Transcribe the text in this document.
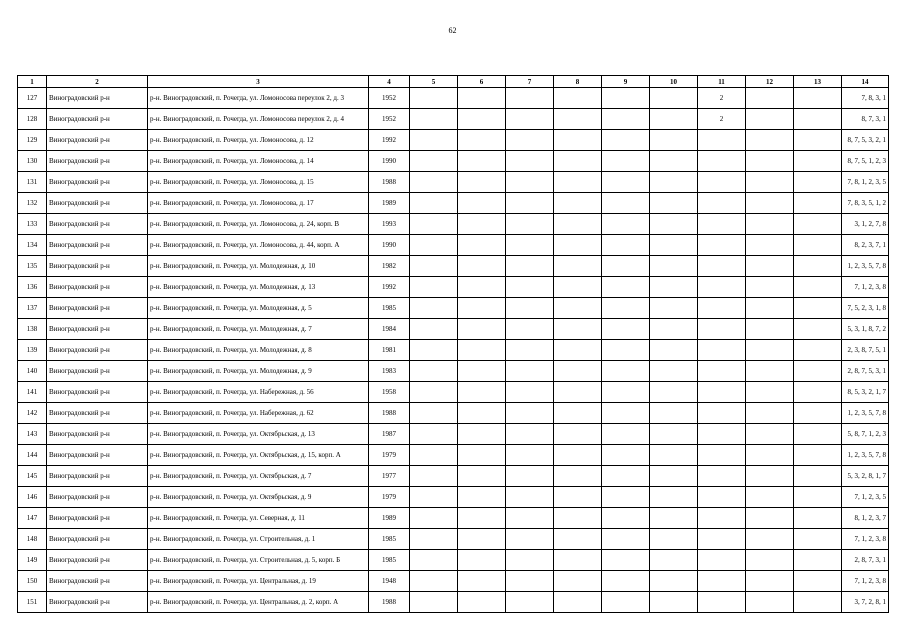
62
1	2	3	4	5	6	7	8	9	10	11	12	13	14
127	Виноградовский р-н	р-н. Виноградовский, п. Рочегда, ул. Ломоносова переулок 2, д. 3	1952							2			7, 8, 3, 1
128	Виноградовский р-н	р-н. Виноградовский, п. Рочегда, ул. Ломоносова переулок 2, д. 4	1952							2			8, 7, 3, 1
129	Виноградовский р-н	р-н. Виноградовский, п. Рочегда, ул. Ломоносова, д. 12	1992										8, 7, 5, 3, 2, 1
130	Виноградовский р-н	р-н. Виноградовский, п. Рочегда, ул. Ломоносова, д. 14	1990										8, 7, 5, 1, 2, 3
131	Виноградовский р-н	р-н. Виноградовский, п. Рочегда, ул. Ломоносова, д. 15	1988										7, 8, 1, 2, 3, 5
132	Виноградовский р-н	р-н. Виноградовский, п. Рочегда, ул. Ломоносова, д. 17	1989										7, 8, 3, 5, 1, 2
133	Виноградовский р-н	р-н. Виноградовский, п. Рочегда, ул. Ломоносова, д. 24, корп. В	1993										3, 1, 2, 7, 8
134	Виноградовский р-н	р-н. Виноградовский, п. Рочегда, ул. Ломоносова, д. 44, корп. А	1990										8, 2, 3, 7, 1
135	Виноградовский р-н	р-н. Виноградовский, п. Рочегда, ул. Молодежная, д. 10	1982										1, 2, 3, 5, 7, 8
136	Виноградовский р-н	р-н. Виноградовский, п. Рочегда, ул. Молодежная, д. 13	1992										7, 1, 2, 3, 8
137	Виноградовский р-н	р-н. Виноградовский, п. Рочегда, ул. Молодежная, д. 5	1985										7, 5, 2, 3, 1, 8
138	Виноградовский р-н	р-н. Виноградовский, п. Рочегда, ул. Молодежная, д. 7	1984										5, 3, 1, 8, 7, 2
139	Виноградовский р-н	р-н. Виноградовский, п. Рочегда, ул. Молодежная, д. 8	1981										2, 3, 8, 7, 5, 1
140	Виноградовский р-н	р-н. Виноградовский, п. Рочегда, ул. Молодежная, д. 9	1983										2, 8, 7, 5, 3, 1
141	Виноградовский р-н	р-н. Виноградовский, п. Рочегда, ул. Набережная, д. 56	1958										8, 5, 3, 2, 1, 7
142	Виноградовский р-н	р-н. Виноградовский, п. Рочегда, ул. Набережная, д. 62	1988										1, 2, 3, 5, 7, 8
143	Виноградовский р-н	р-н. Виноградовский, п. Рочегда, ул. Октябрьская, д. 13	1987										5, 8, 7, 1, 2, 3
144	Виноградовский р-н	р-н. Виноградовский, п. Рочегда, ул. Октябрьская, д. 15, корп. А	1979										1, 2, 3, 5, 7, 8
145	Виноградовский р-н	р-н. Виноградовский, п. Рочегда, ул. Октябрьская, д. 7	1977										5, 3, 2, 8, 1, 7
146	Виноградовский р-н	р-н. Виноградовский, п. Рочегда, ул. Октябрьская, д. 9	1979										7, 1, 2, 3, 5
147	Виноградовский р-н	р-н. Виноградовский, п. Рочегда, ул. Северная, д. 11	1989										8, 1, 2, 3, 7
148	Виноградовский р-н	р-н. Виноградовский, п. Рочегда, ул. Строительная, д. 1	1985										7, 1, 2, 3, 8
149	Виноградовский р-н	р-н. Виноградовский, п. Рочегда, ул. Строительная, д. 5, корп. Б	1985										2, 8, 7, 3, 1
150	Виноградовский р-н	р-н. Виноградовский, п. Рочегда, ул. Центральная, д. 19	1948										7, 1, 2, 3, 8
151	Виноградовский р-н	р-н. Виноградовский, п. Рочегда, ул. Центральная, д. 2, корп. А	1988										3, 7, 2, 8, 1
